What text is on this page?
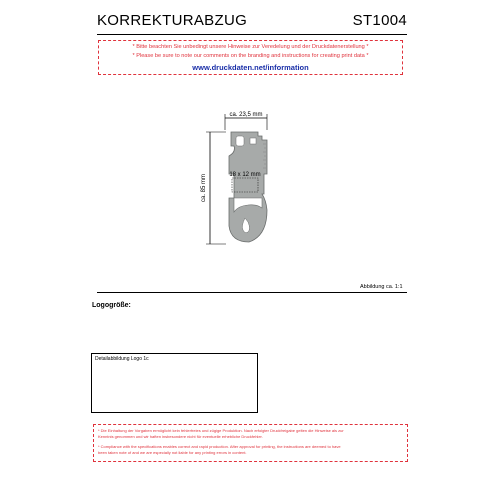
KORREKTURABZUG	ST1004
* Bitte beachten Sie unbedingt unsere Hinweise zur Veredelung und der Druckdatenerstellung *
* Please be sure to note our comments on the branding and instructions for creating print data *
www.druckdaten.net/information
ca. 23,5 mm
ca. 85 mm	18 x 12 mm
Abbildung ca. 1:1
Logogröße:
Detailabbildung Logo 1c
* Die Einhaltung der Vorgaben ermöglicht kein fehlerfreies und zügige Produktion. Nach erfolgter Druckfreigabe gelten die Hinweise als zur
Kenntnis genommen und wir haften insbesondere nicht für eventuelle erhebliche Druckfehler.
* Compliance with the specifications enables correct and rapid production. After approval for printing, the instructions are deemed to have
been taken note of and we are especially not liable for any printing errors in content.
